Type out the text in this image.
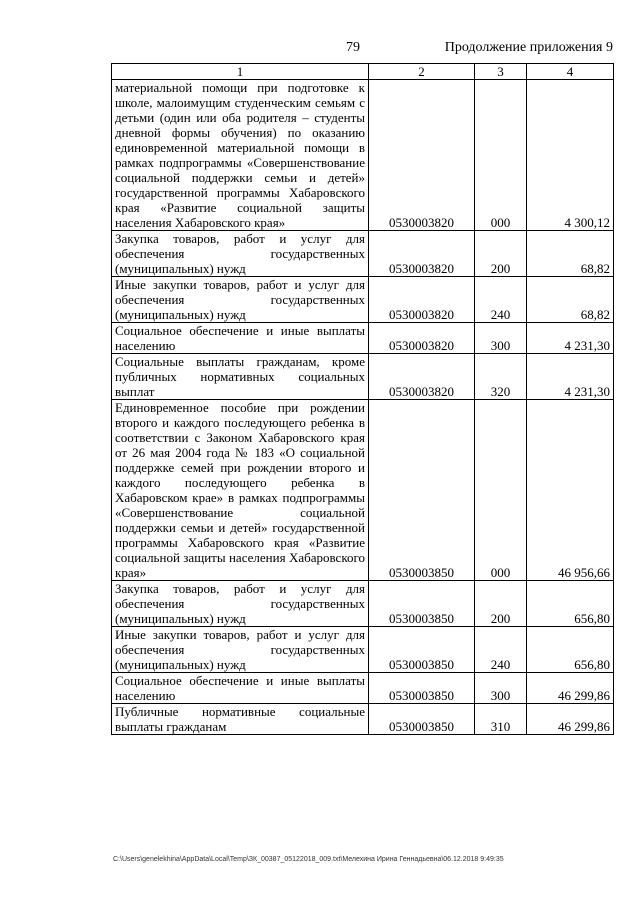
79	Продолжение приложения 9
1	2	3	4
материальной помощи при подготовке к школе, малоимущим студенческим семьям с детьми (один или оба родителя – студенты дневной формы обучения) по оказанию единовременной материальной помощи в рамках подпрограммы «Совершенствование социальной поддержки семьи и детей» государственной программы Хабаровского края «Развитие социальной защиты населения Хабаровского края»	0530003820	000	4 300,12
Закупка товаров, работ и услуг для обеспечения государственных (муниципальных) нужд	0530003820	200	68,82
Иные закупки товаров, работ и услуг для обеспечения государственных (муниципальных) нужд	0530003820	240	68,82
Социальное обеспечение и иные выплаты населению	0530003820	300	4 231,30
Социальные выплаты гражданам, кроме публичных нормативных социальных выплат	0530003820	320	4 231,30
Единовременное пособие при рождении второго и каждого последующего ребенка в соответствии с Законом Хабаровского края от 26 мая 2004 года № 183 «О социальной поддержке семей при рождении второго и каждого последующего ребенка в Хабаровском крае» в рамках подпрограммы «Совершенствование социальной поддержки семьи и детей» государственной программы Хабаровского края «Развитие социальной защиты населения Хабаровского края»	0530003850	000	46 956,66
Закупка товаров, работ и услуг для обеспечения государственных (муниципальных) нужд	0530003850	200	656,80
Иные закупки товаров, работ и услуг для обеспечения государственных (муниципальных) нужд	0530003850	240	656,80
Социальное обеспечение и иные выплаты населению	0530003850	300	46 299,86
Публичные нормативные социальные выплаты гражданам	0530003850	310	46 299,86
C:\Users\genelekhina\AppData\Local\Temp\ЗК_00387_05122018_009.txt\Мелехина Ирина Геннадьевна\06.12.2018 9:49:35
